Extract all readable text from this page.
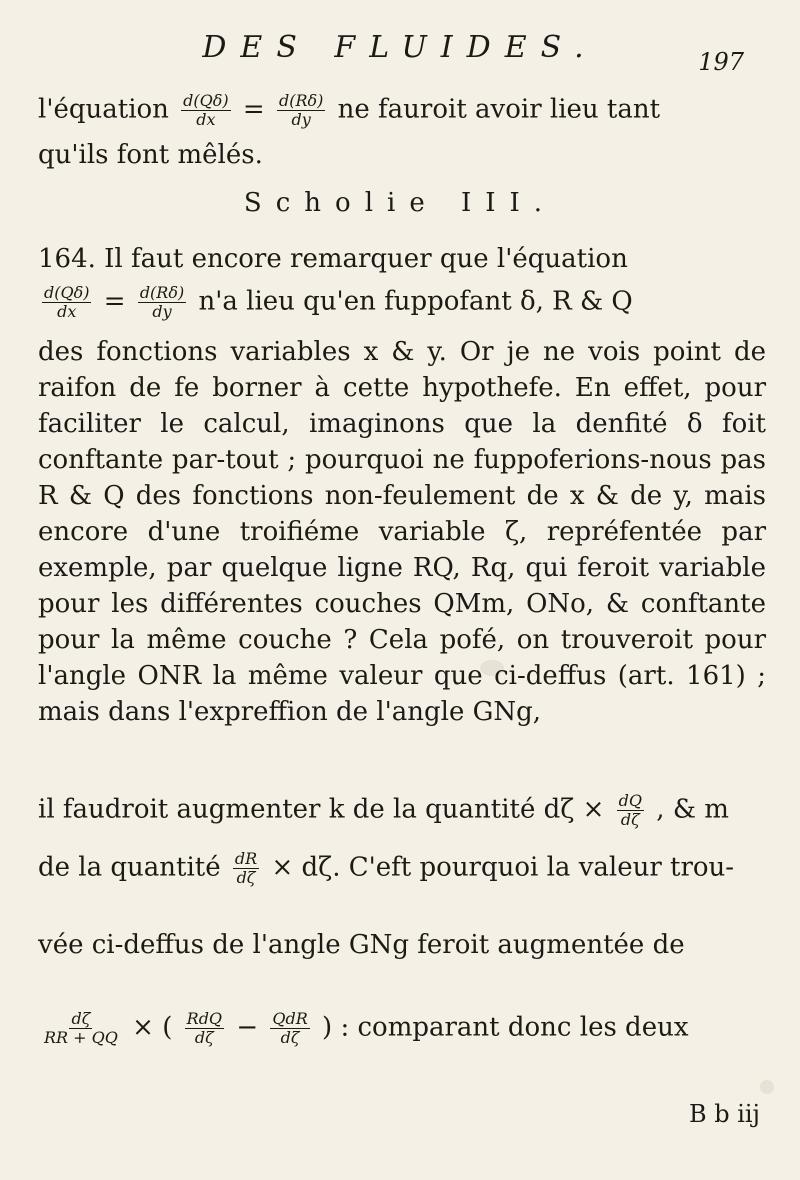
DES FLUIDES.	197
l'équation $\frac{d(Q\delta)}{dx} = \frac{d(R\delta)}{dy}$ ne fauroit avoir lieu tant
qu'ils font mêlés.
Scholie III.
164. Il faut encore remarquer que l'équation
$\frac{d(Q\delta)}{dx} = \frac{d(R\delta)}{dy} n'a$ lieu qu'en fuppofant δ, R & Q
des fonctions variables x & y. Or je ne vois point de raifon de fe borner à cette hypothefe. En effet, pour faciliter le calcul, imaginons que la denfité δ foit conftante par-tout ; pourquoi ne fuppoferions-nous pas R & Q des fonctions non-feulement de x & de y, mais encore d'une troifiéme variable ζ, repréfentée par exemple, par quelque ligne RQ, Rq, qui feroit variable pour les différentes couches QMm, ONo, & conftante pour la même couche ? Cela pofé, on trouveroit pour l'angle ONR la même valeur que ci-deffus (art. 161) ; mais dans l'expreffion de l'angle GNg,
il faudroit augmenter k de la quantité $d\zeta \times \frac{dQ}{d\zeta}$ , & m
de la quantité $\frac{dR}{d\zeta} \times d\zeta$. C'eft pourquoi la valeur trou-
vée ci-deffus de l'angle GNg feroit augmentée de
$\frac{d\zeta}{RR + QQ}$ × ( $\frac{\text{RdQ}}{d\zeta} - \frac{\text{QdR}}{d\zeta}$ ) : comparant donc les deux
B b iij
